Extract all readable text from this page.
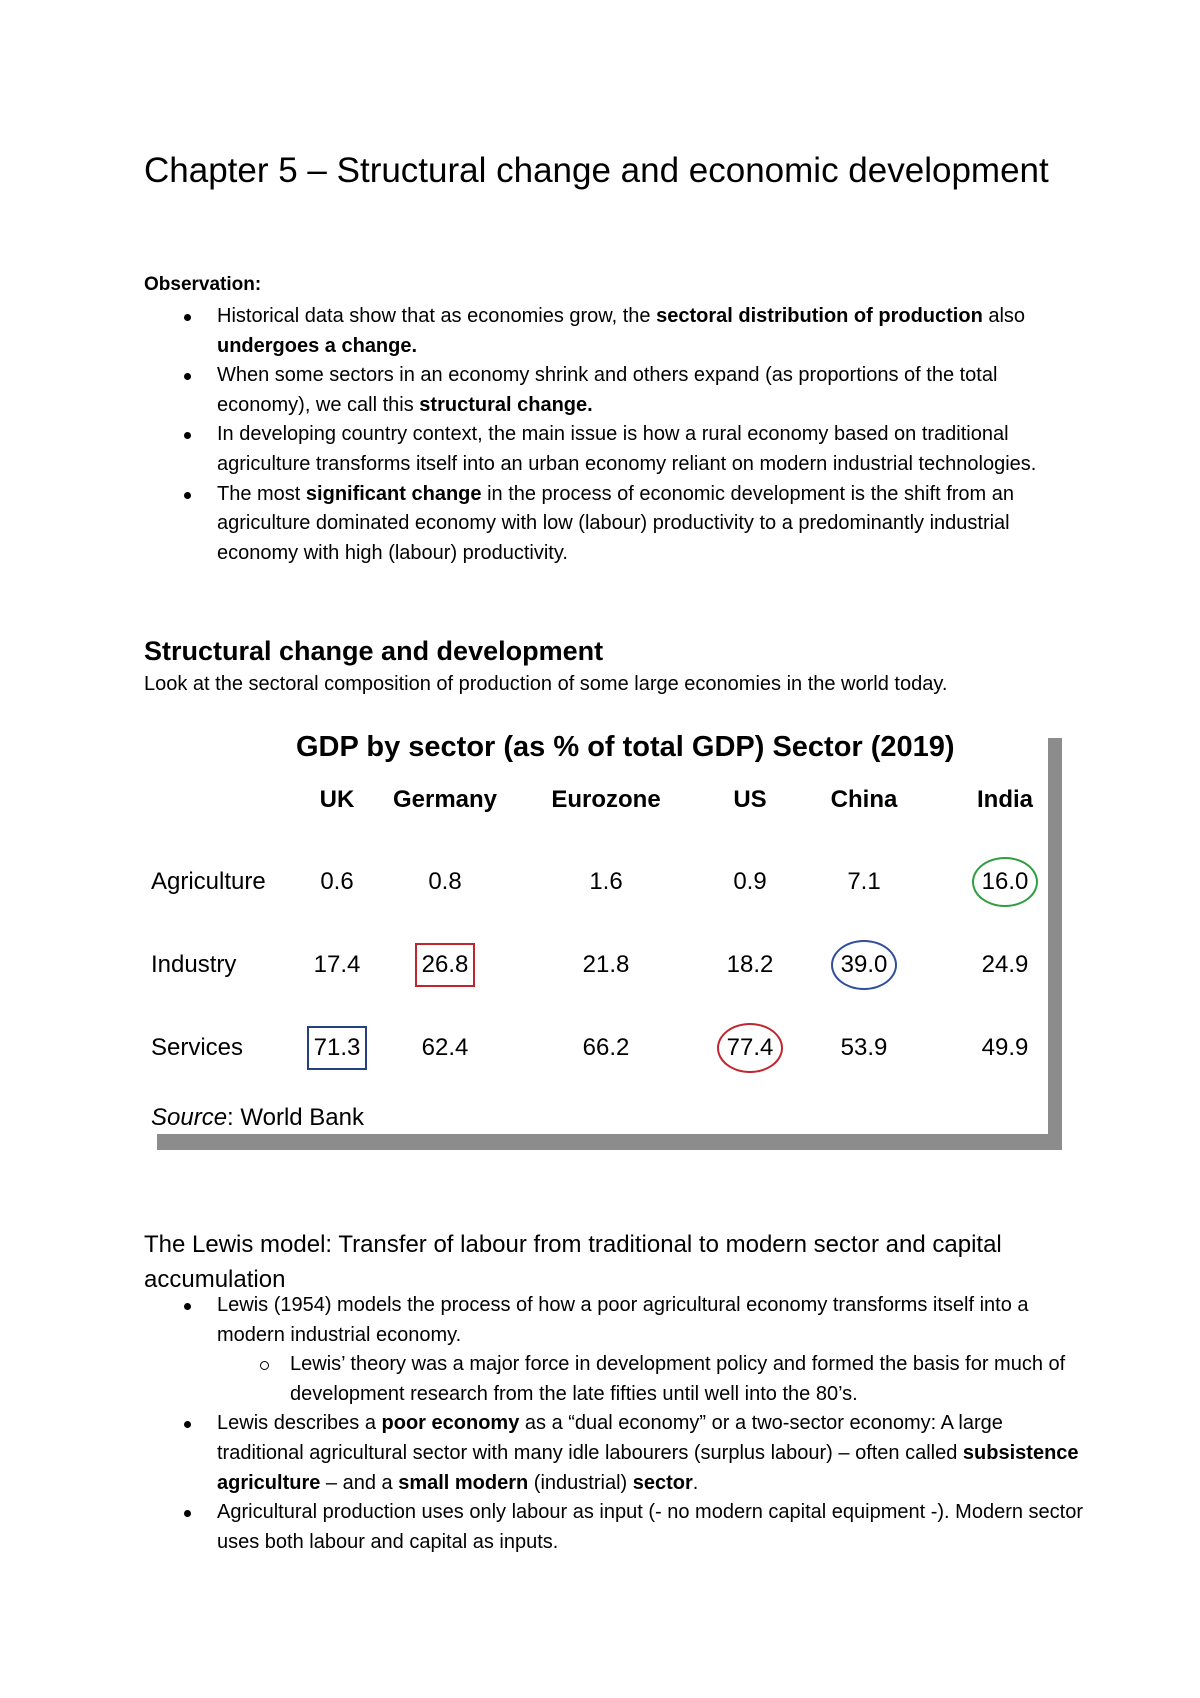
Chapter 5 – Structural change and economic development

Observation:

Historical data show that as economies grow, the sectoral distribution of production also undergoes a change.
When some sectors in an economy shrink and others expand (as proportions of the total economy), we call this structural change.
In developing country context, the main issue is how a rural economy based on traditional agriculture transforms itself into an urban economy reliant on modern industrial technologies.
The most significant change in the process of economic development is the shift from an agriculture dominated economy with low (labour) productivity to a predominantly industrial economy with high (labour) productivity.
Structural change and development

Look at the sectoral composition of production of some large economies in the world today.

GDP by sector (as % of total GDP) Sector (2019)

Source: World Bank
UK Germany Eurozone	US	China	India
Agriculture 0.6	0.8	1.6	0.9	7.1	16.0
Industry	17.4	26.8	21.8	18.2	39.0	24.9
Services	71.3	62.4	66.2	77.4	53.9	49.9
The Lewis model: Transfer of labour from traditional to modern sector and capital accumulation
Lewis (1954) models the process of how a poor agricultural economy transforms itself into a modern industrial economy.
Lewis’ theory was a major force in development policy and formed the basis for much of development research from the late fifties until well into the 80’s.
Lewis describes a poor economy as a “dual economy” or a two-sector economy: A large traditional agricultural sector with many idle labourers (surplus labour) – often called subsistence agriculture – and a small modern (industrial) sector.
Agricultural production uses only labour as input (- no modern capital equipment -). Modern sector uses both labour and capital as inputs.
